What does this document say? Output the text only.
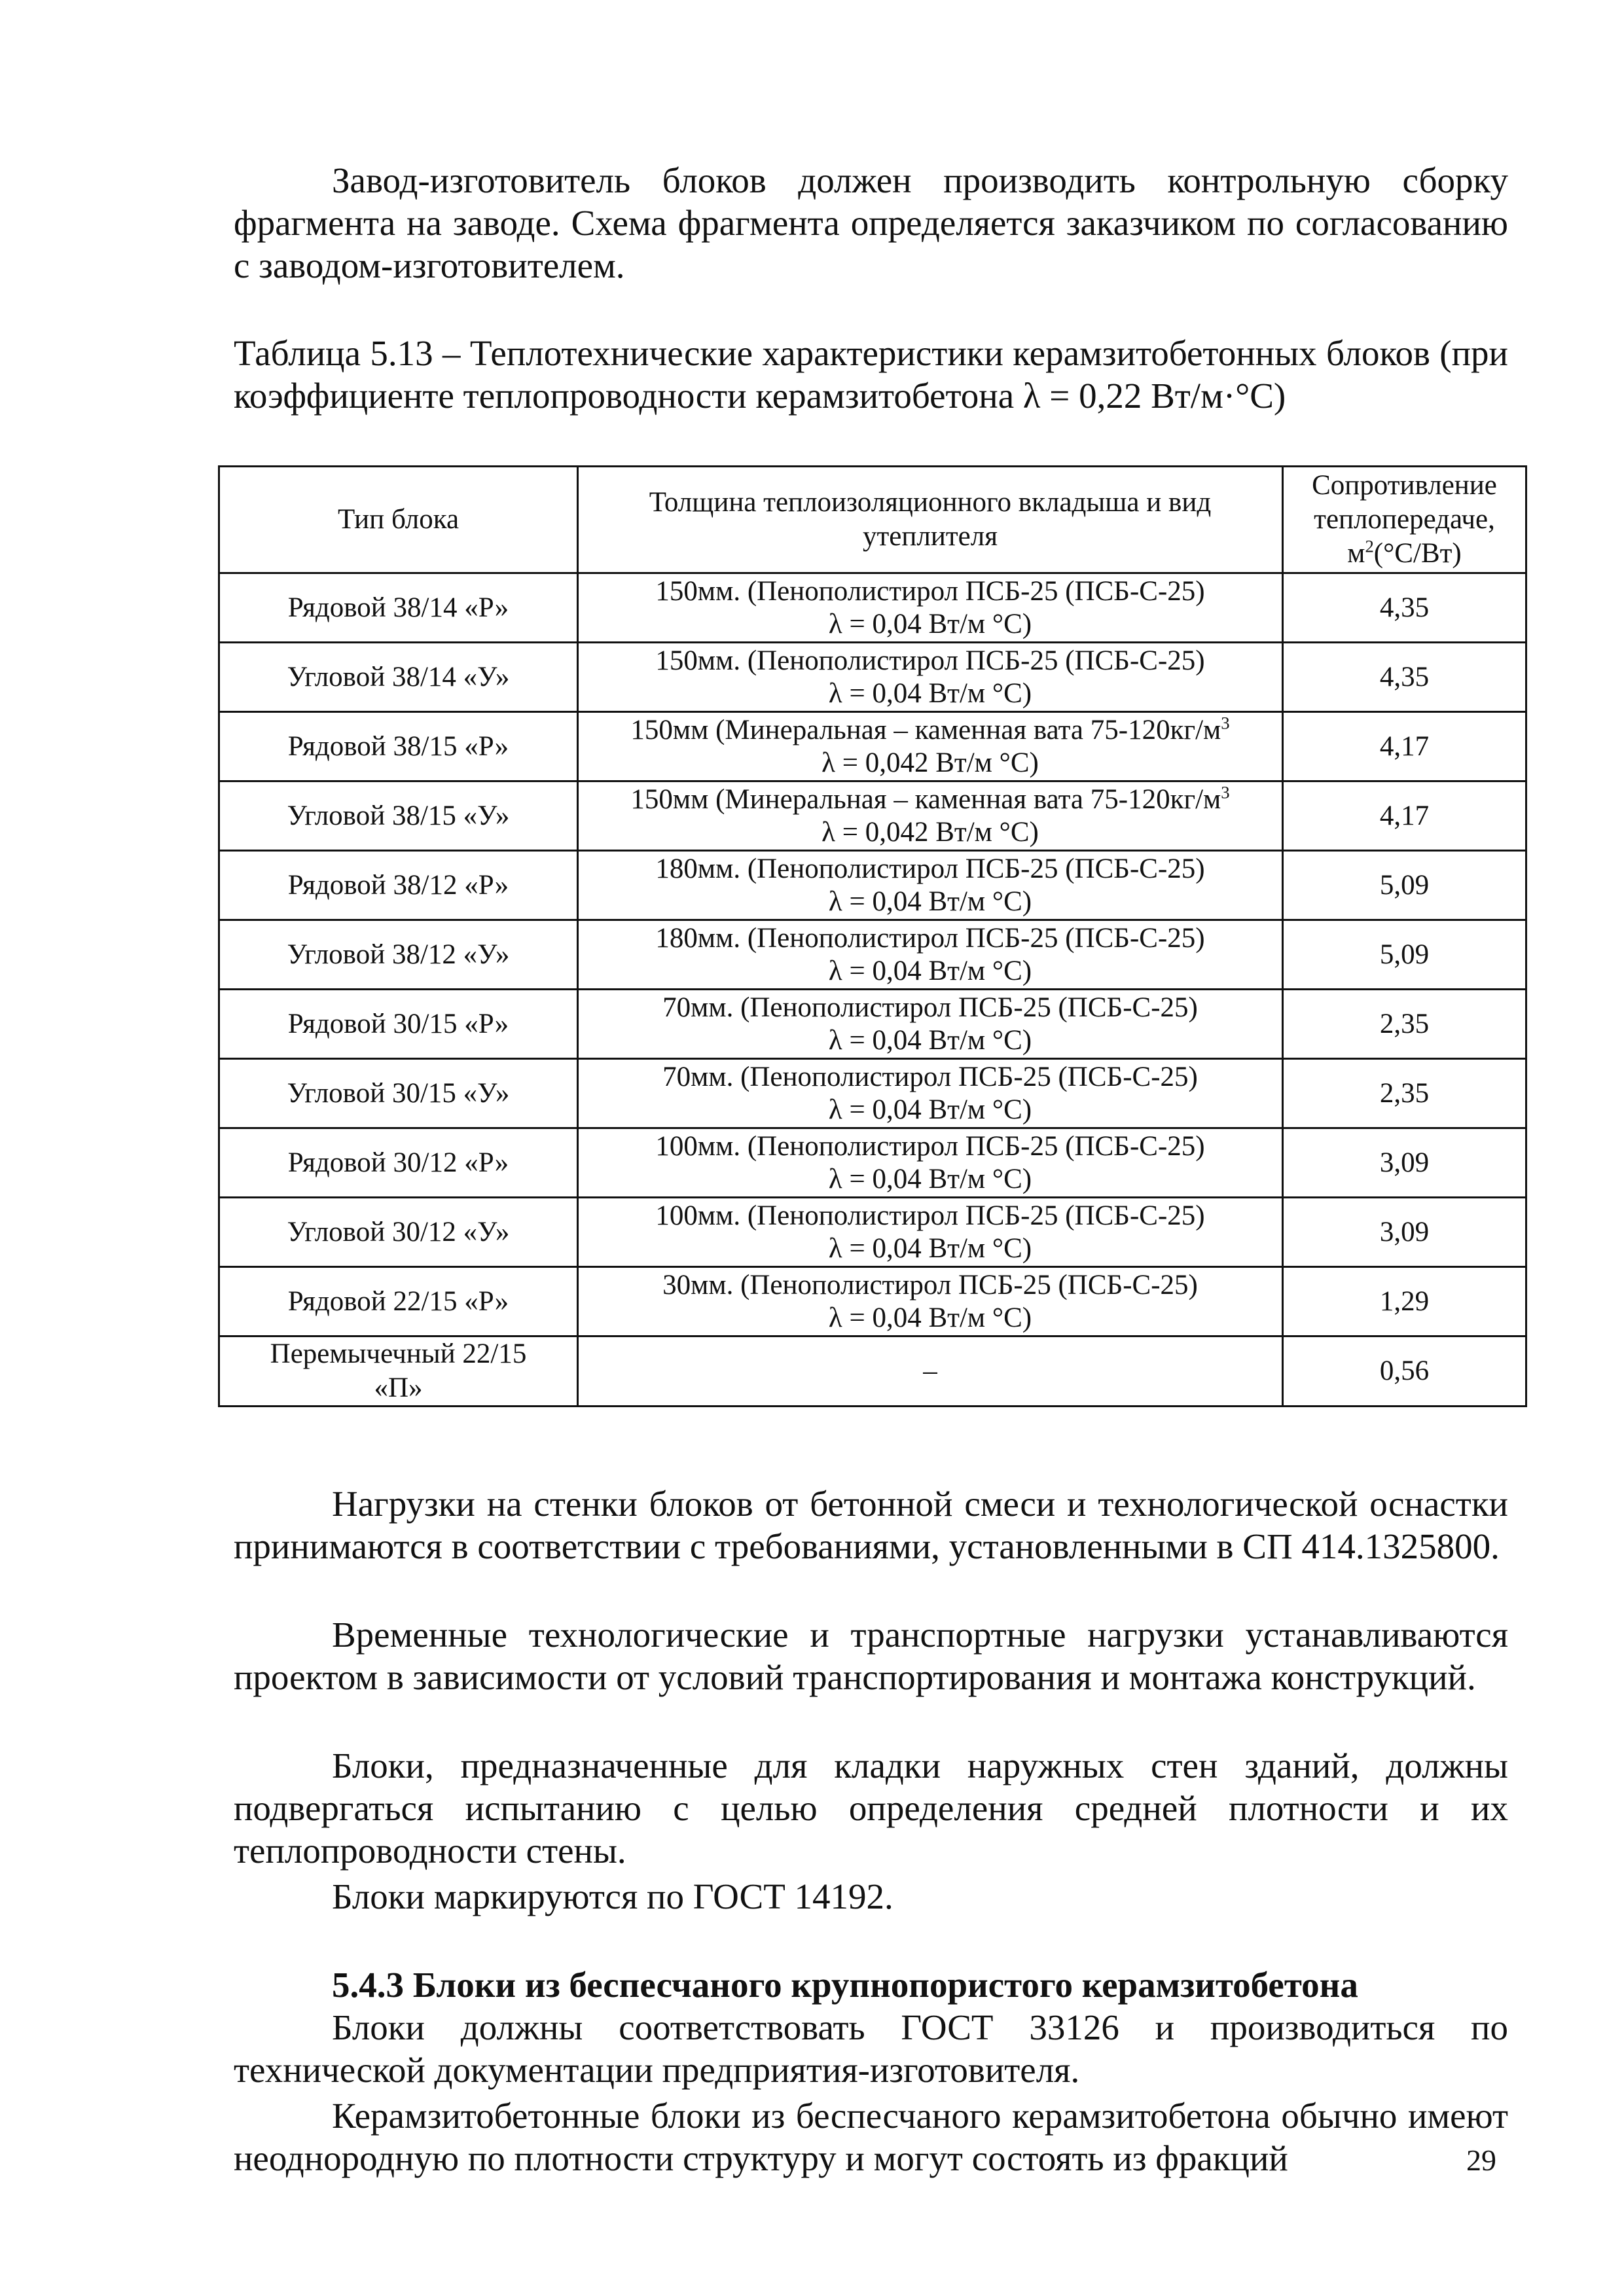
Завод-изготовитель блоков должен производить контрольную сборку фрагмента на заводе. Схема фрагмента определяется заказчиком по согласованию с заводом-изготовителем.

Таблица 5.13 – Теплотехнические характеристики керамзитобетонных блоков (при коэффициенте теплопроводности керамзитобетона λ = 0,22 Вт/м·°С)

Тип блока	Толщина теплоизоляционного вкладыша и вид утеплителя	Сопротивление теплопередаче,
$м^2(^\circ С/Вт)$
Рядовой 38/14 «Р»	150мм. (Пенополистирол ПСБ-25 (ПСБ-С-25)
λ = 0,04 Вт/м °С)	4,35
Угловой 38/14 «У»	150мм. (Пенополистирол ПСБ-25 (ПСБ-С-25)
λ = 0,04 Вт/м °С)	4,35
Рядовой 38/15 «Р»	150мм (Минеральная – каменная вата $75-120кг/м^3$
λ = 0,042 Вт/м °С)	4,17
Угловой 38/15 «У»	150мм (Минеральная – каменная вата $75-120кг/м^3$
λ = 0,042 Вт/м °С)	4,17
Рядовой 38/12 «Р»	180мм. (Пенополистирол ПСБ-25 (ПСБ-С-25)
λ = 0,04 Вт/м °С)	5,09
Угловой 38/12 «У»	180мм. (Пенополистирол ПСБ-25 (ПСБ-С-25)
λ = 0,04 Вт/м °С)	5,09
Рядовой 30/15 «Р»	70мм. (Пенополистирол ПСБ-25 (ПСБ-С-25)
λ = 0,04 Вт/м °С)	2,35
Угловой 30/15 «У»	70мм. (Пенополистирол ПСБ-25 (ПСБ-С-25)
λ = 0,04 Вт/м °С)	2,35
Рядовой 30/12 «Р»	100мм. (Пенополистирол ПСБ-25 (ПСБ-С-25)
λ = 0,04 Вт/м °С)	3,09
Угловой 30/12 «У»	100мм. (Пенополистирол ПСБ-25 (ПСБ-С-25)
λ = 0,04 Вт/м °С)	3,09
Рядовой 22/15 «Р»	30мм. (Пенополистирол ПСБ-25 (ПСБ-С-25)
λ = 0,04 Вт/м °С)	1,29
Перемычечный 22/15 «П»	–	0,56

Нагрузки на стенки блоков от бетонной смеси и технологической оснастки принимаются в соответствии с требованиями, установленными в СП 414.1325800.

Временные технологические и транспортные нагрузки устанавливаются проектом в зависимости от условий транспортирования и монтажа конструкций.

Блоки, предназначенные для кладки наружных стен зданий, должны подвергаться испытанию с целью определения средней плотности и их теплопроводности стены.

Блоки маркируются по ГОСТ 14192.

5.4.3 Блоки из беспесчаного крупнопористого керамзитобетона

Блоки должны соответствовать ГОСТ 33126 и производиться по технической документации предприятия-изготовителя.

Керамзитобетонные блоки из беспесчаного керамзитобетона обычно имеют неоднородную по плотности структуру и могут состоять из фракций	29
